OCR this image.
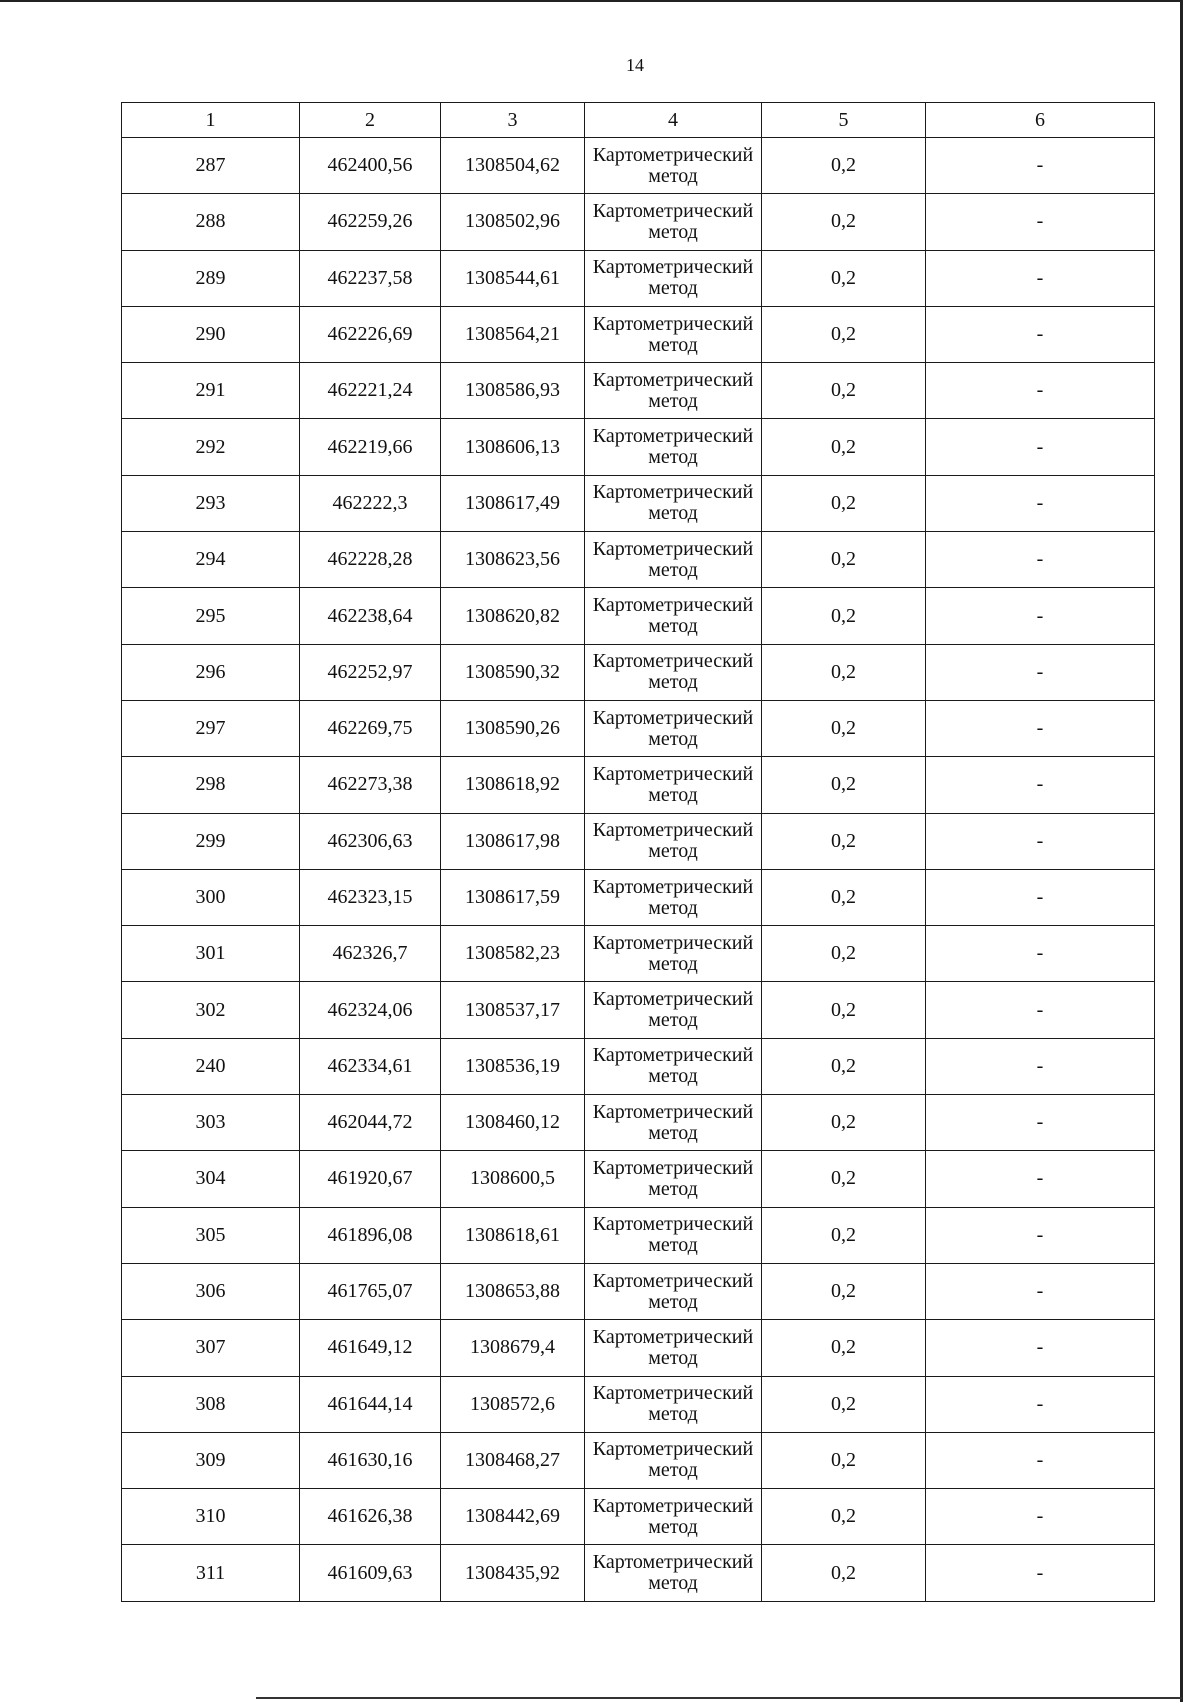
14
1	2	3	4	5	6
287	462400,56	1308504,62	Картометрический метод	0,2	-
288	462259,26	1308502,96	Картометрический метод	0,2	-
289	462237,58	1308544,61	Картометрический метод	0,2	-
290	462226,69	1308564,21	Картометрический метод	0,2	-
291	462221,24	1308586,93	Картометрический метод	0,2	-
292	462219,66	1308606,13	Картометрический метод	0,2	-
293	462222,3	1308617,49	Картометрический метод	0,2	-
294	462228,28	1308623,56	Картометрический метод	0,2	-
295	462238,64	1308620,82	Картометрический метод	0,2	-
296	462252,97	1308590,32	Картометрический метод	0,2	-
297	462269,75	1308590,26	Картометрический метод	0,2	-
298	462273,38	1308618,92	Картометрический метод	0,2	-
299	462306,63	1308617,98	Картометрический метод	0,2	-
300	462323,15	1308617,59	Картометрический метод	0,2	-
301	462326,7	1308582,23	Картометрический метод	0,2	-
302	462324,06	1308537,17	Картометрический метод	0,2	-
240	462334,61	1308536,19	Картометрический метод	0,2	-
303	462044,72	1308460,12	Картометрический метод	0,2	-
304	461920,67	1308600,5	Картометрический метод	0,2	-
305	461896,08	1308618,61	Картометрический метод	0,2	-
306	461765,07	1308653,88	Картометрический метод	0,2	-
307	461649,12	1308679,4	Картометрический метод	0,2	-
308	461644,14	1308572,6	Картометрический метод	0,2	-
309	461630,16	1308468,27	Картометрический метод	0,2	-
310	461626,38	1308442,69	Картометрический метод	0,2	-
311	461609,63	1308435,92	Картометрический метод	0,2	-
